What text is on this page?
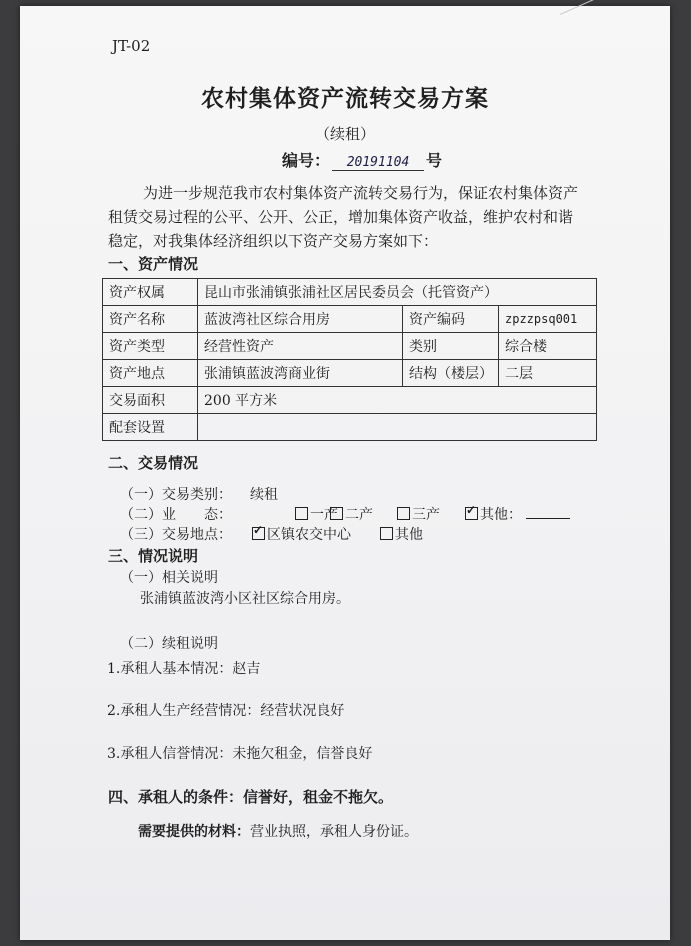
JT-02
农村集体资产流转交易方案
（续租）
编号： 20191104 号
为进一步规范我市农村集体资产流转交易行为，保证农村集体资产
租赁交易过程的公平、公开、公正，增加集体资产收益，维护农村和谐
稳定，对我集体经济组织以下资产交易方案如下：
一、资产情况
资产权属	昆山市张浦镇张浦社区居民委员会（托管资产）		
资产名称	蓝波湾社区综合用房	资产编码	zpzzpsq001
资产类型	经营性资产	类别	综合楼
资产地点	张浦镇蓝波湾商业街	结构（楼层）	二层
交易面积	200 平方米		
配套设置			
二、交易情况
（一）交易类别： 续租
（二）业　　态：	一产 二产	三产 ✓	其他：
（三）交易地点： ✓	区镇农交中心	其他
三、情况说明
（一）相关说明
张浦镇蓝波湾小区社区综合用房。
（二）续租说明
1.承租人基本情况：赵吉
2.承租人生产经营情况：经营状况良好
3.承租人信誉情况：未拖欠租金，信誉良好
四、承租人的条件：信誉好，租金不拖欠。
需要提供的材料：营业执照，承租人身份证。
